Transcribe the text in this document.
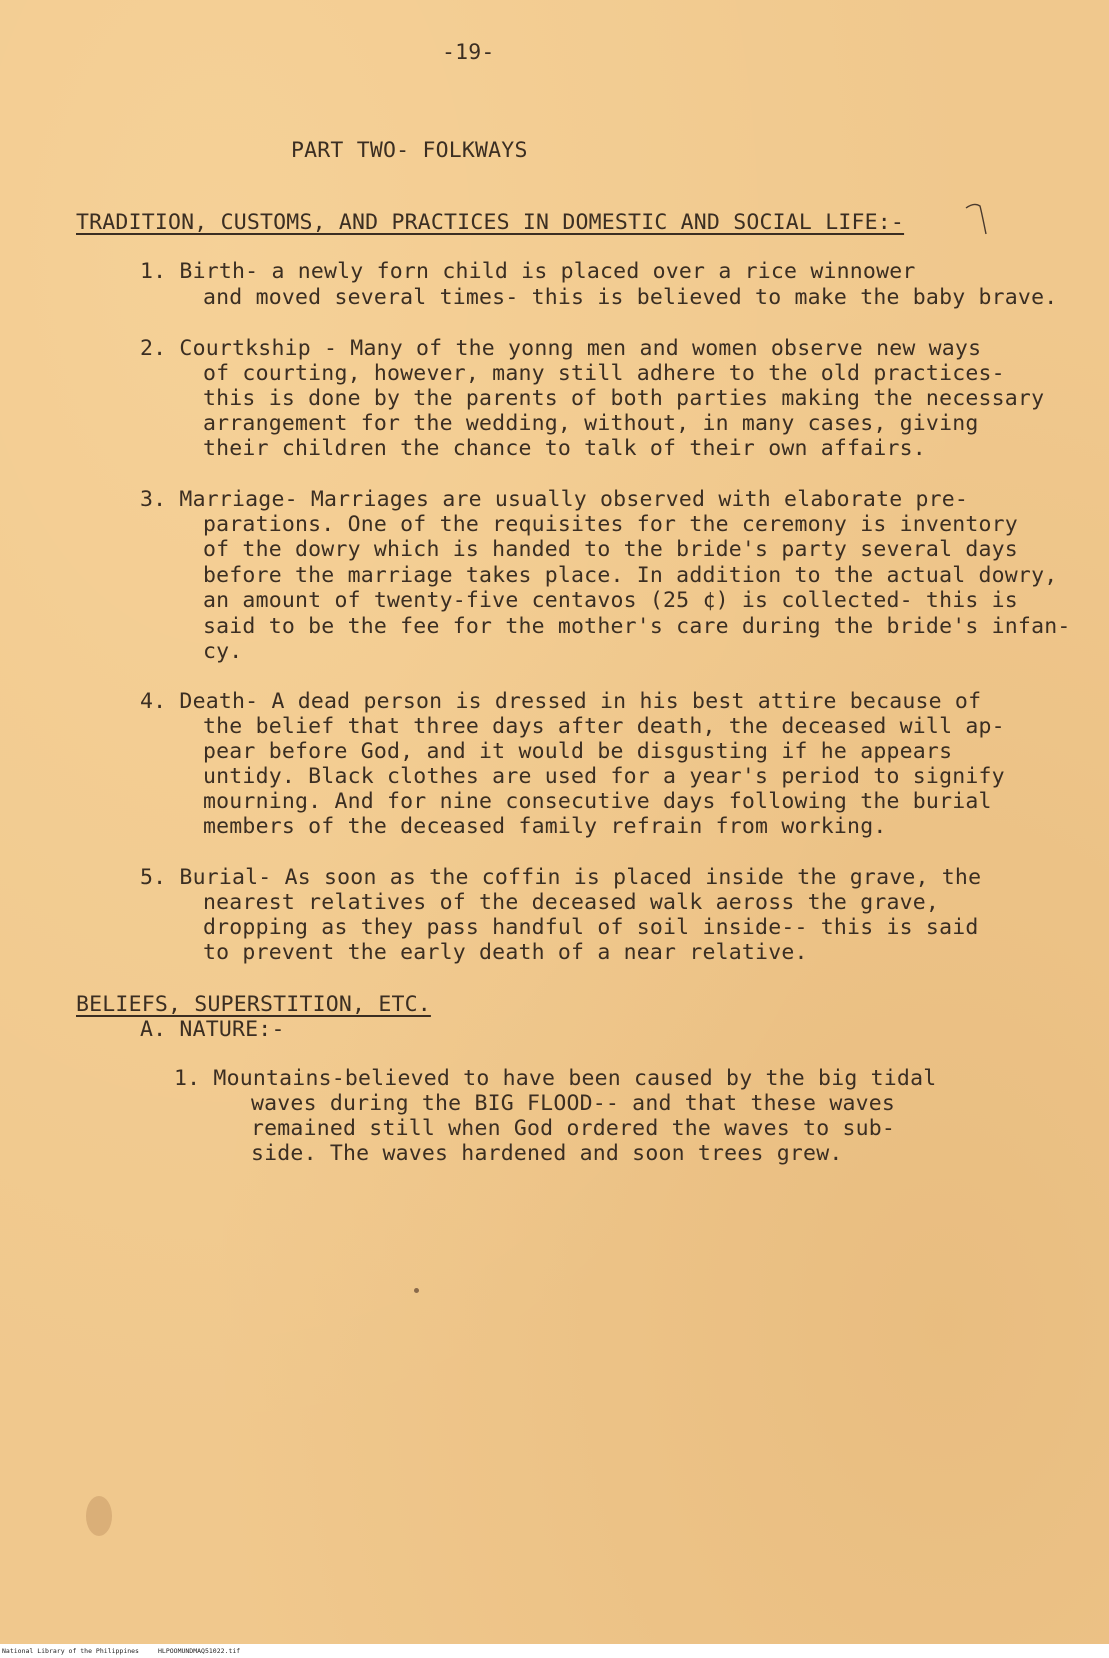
-19-
PART TWO- FOLKWAYS
TRADITION, CUSTOMS, AND PRACTICES IN DOMESTIC AND SOCIAL LIFE:-
1. Birth- a newly forn child is placed over a rice winnower
and moved several times- this is believed to make the baby brave.
2. Courtkship - Many of the yonng men and women observe new ways
of courting, however, many still adhere to the old practices-
this is done by the parents of both parties making the necessary
arrangement for the wedding, without, in many cases, giving
their children the chance to talk of their own affairs.
3. Marriage- Marriages are usually observed with elaborate pre-
parations. One of the requisites for the ceremony is inventory
of the dowry which is handed to the bride's party several days
before the marriage takes place. In addition to the actual dowry,
an amount of twenty-five centavos (25 ¢) is collected- this is
said to be the fee for the mother's care during the bride's infan-
cy.
4. Death- A dead person is dressed in his best attire because of
the belief that three days after death, the deceased will ap-
pear before God, and it would be disgusting if he appears
untidy. Black clothes are used for a year's period to signify
mourning. And for nine consecutive days following the burial
members of the deceased family refrain from working.
5. Burial- As soon as the coffin is placed inside the grave, the
nearest relatives of the deceased walk aeross the grave,
dropping as they pass handful of soil inside-- this is said
to prevent the early death of a near relative.
BELIEFS, SUPERSTITION, ETC.
A. NATURE:-
1. Mountains-believed to have been caused by the big tidal
waves during the BIG FLOOD-- and that these waves
remained still when God ordered the waves to sub-
side. The waves hardened and soon trees grew.
National Library of the Philippines	HLPOOMUNDMAQ51022.tif
